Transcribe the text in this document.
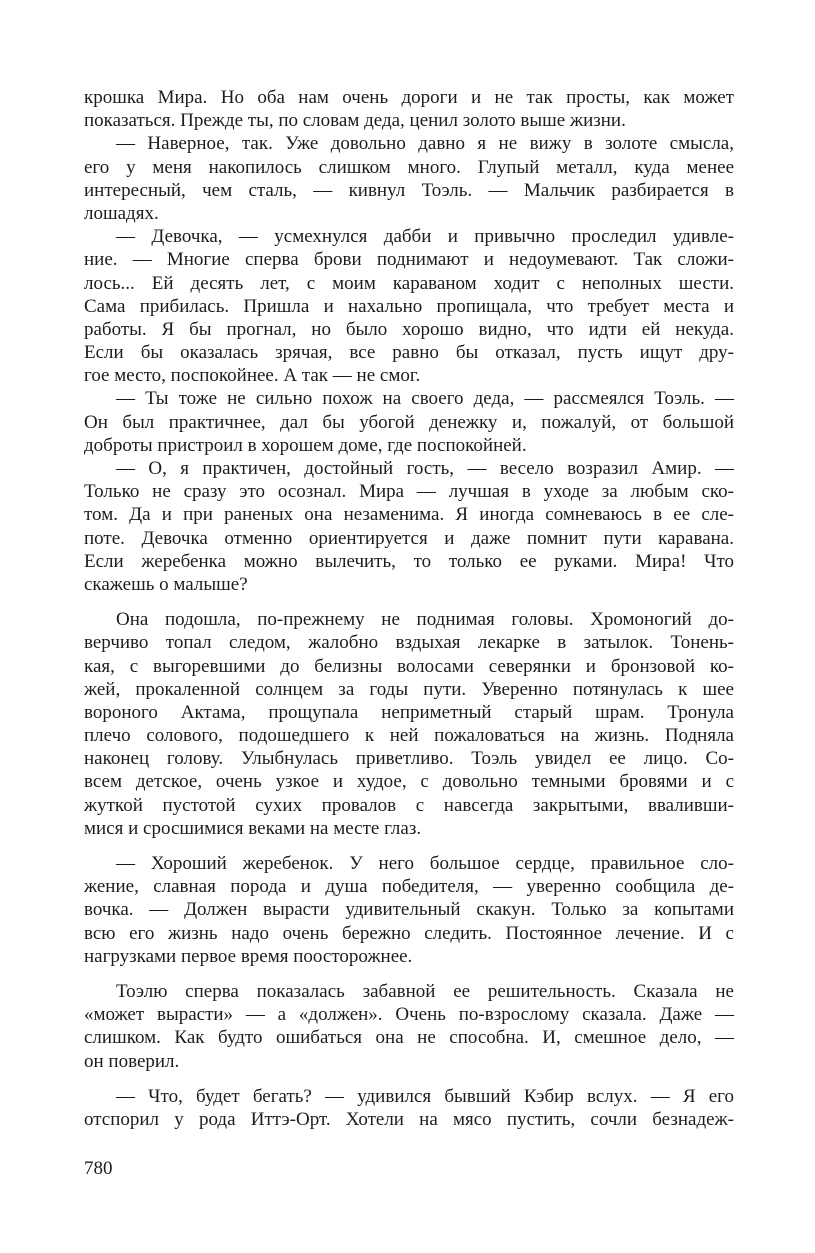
крошка Мира. Но оба нам очень дороги и не так просты, как может
показаться. Прежде ты, по словам деда, ценил золото выше жизни.
— Наверное, так. Уже довольно давно я не вижу в золоте смысла,
его у меня накопилось слишком много. Глупый металл, куда менее
интересный, чем сталь, — кивнул Тоэль. — Мальчик разбирается в
лошадях.
— Девочка, — усмехнулся дабби и привычно проследил удивле-
ние. — Многие сперва брови поднимают и недоумевают. Так сложи-
лось... Ей десять лет, с моим караваном ходит с неполных шести.
Сама прибилась. Пришла и нахально пропищала, что требует места и
работы. Я бы прогнал, но было хорошо видно, что идти ей некуда.
Если бы оказалась зрячая, все равно бы отказал, пусть ищут дру-
гое место, поспокойнее. А так — не смог.
— Ты тоже не сильно похож на своего деда, — рассмеялся Тоэль. —
Он был практичнее, дал бы убогой денежку и, пожалуй, от большой
доброты пристроил в хорошем доме, где поспокойней.
— О, я практичен, достойный гость, — весело возразил Амир. —
Только не сразу это осознал. Мира — лучшая в уходе за любым ско-
том. Да и при раненых она незаменима. Я иногда сомневаюсь в ее сле-
поте. Девочка отменно ориентируется и даже помнит пути каравана.
Если жеребенка можно вылечить, то только ее руками. Мира! Что
скажешь о малыше?
Она подошла, по-прежнему не поднимая головы. Хромоногий до-
верчиво топал следом, жалобно вздыхая лекарке в затылок. Тонень-
кая, с выгоревшими до белизны волосами северянки и бронзовой ко-
жей, прокаленной солнцем за годы пути. Уверенно потянулась к шее
вороного Актама, прощупала неприметный старый шрам. Тронула
плечо солового, подошедшего к ней пожаловаться на жизнь. Подняла
наконец голову. Улыбнулась приветливо. Тоэль увидел ее лицо. Со-
всем детское, очень узкое и худое, с довольно темными бровями и с
жуткой пустотой сухих провалов с навсегда закрытыми, вваливши-
мися и сросшимися веками на месте глаз.
— Хороший жеребенок. У него большое сердце, правильное сло-
жение, славная порода и душа победителя, — уверенно сообщила де-
вочка. — Должен вырасти удивительный скакун. Только за копытами
всю его жизнь надо очень бережно следить. Постоянное лечение. И с
нагрузками первое время поосторожнее.
Тоэлю сперва показалась забавной ее решительность. Сказала не
«может вырасти» — а «должен». Очень по-взрослому сказала. Даже —
слишком. Как будто ошибаться она не способна. И, смешное дело, —
он поверил.
— Что, будет бегать? — удивился бывший Кэбир вслух. — Я его
отспорил у рода Иттэ-Орт. Хотели на мясо пустить, сочли безнадеж-
780
